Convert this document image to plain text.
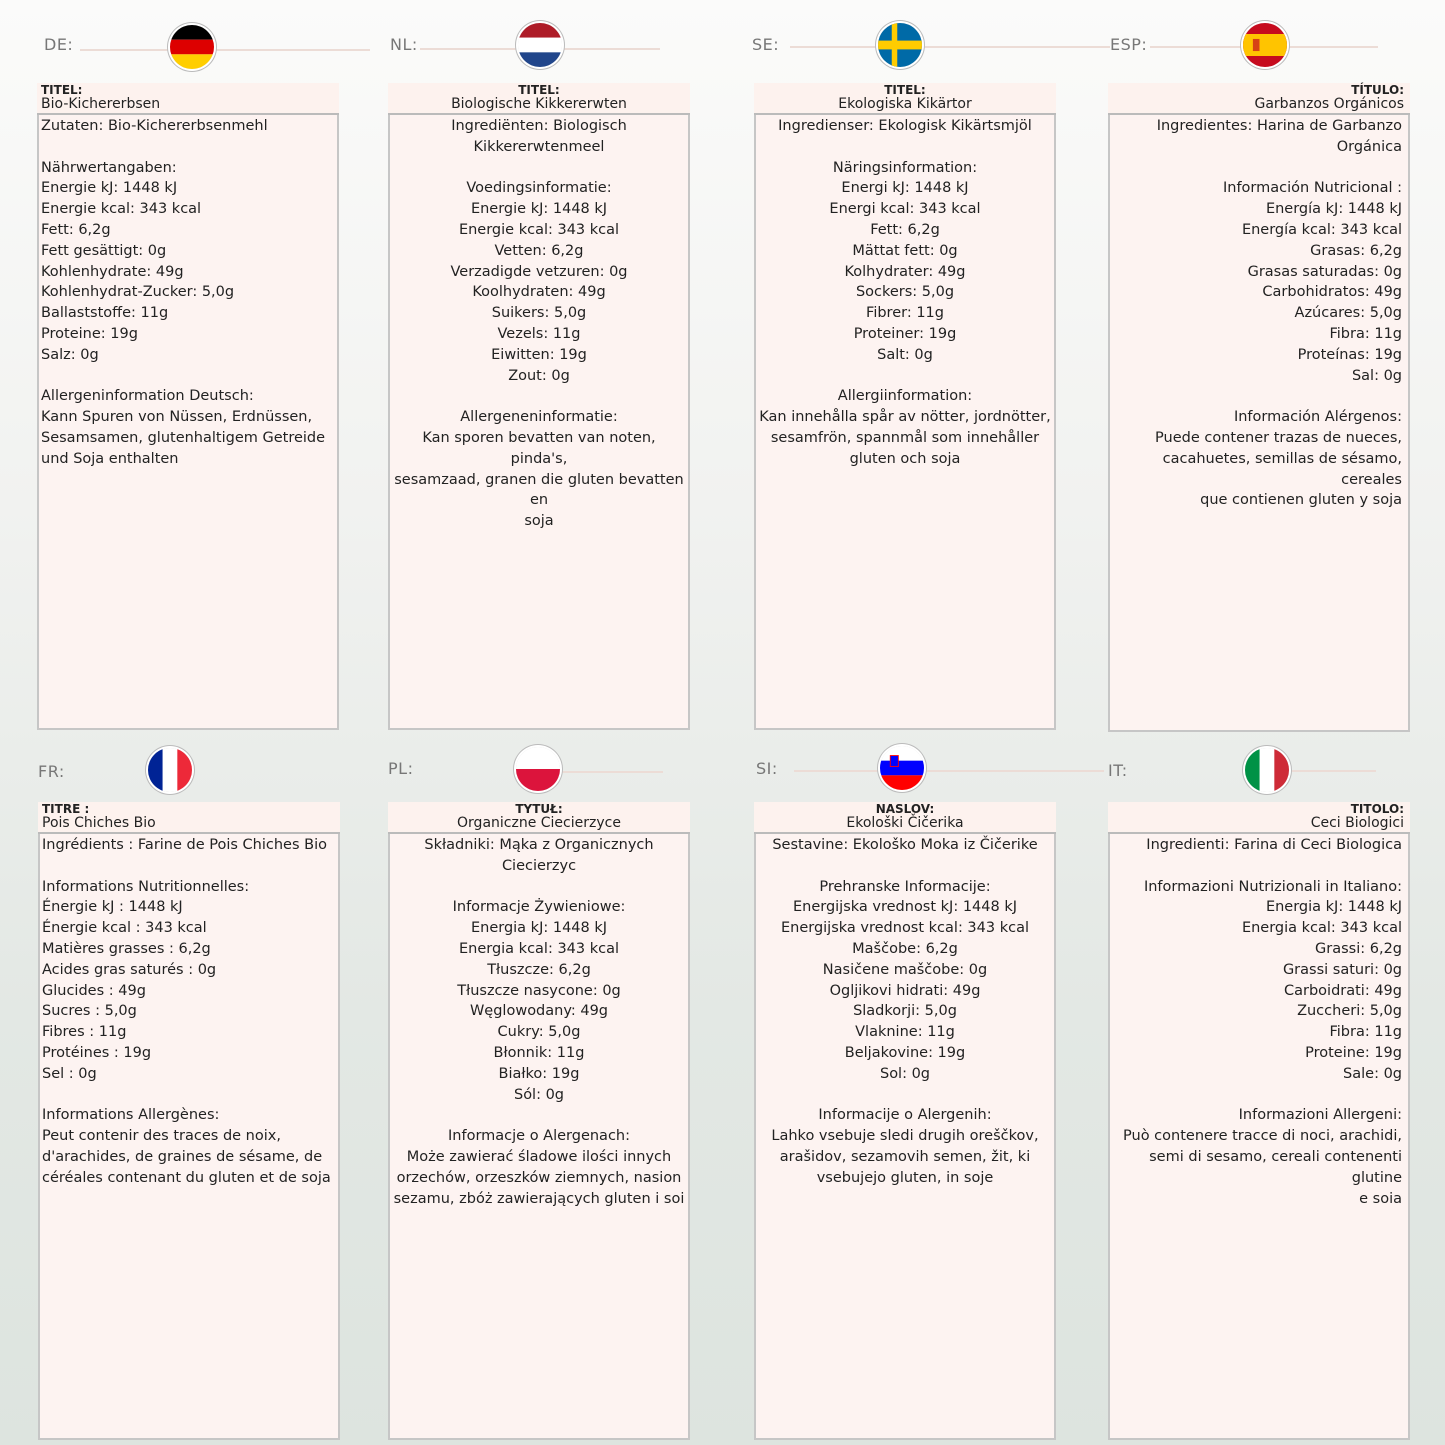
DE:	NL:	SE:	ESP:
FR:	PL:	SI:	IT:
TITEL:
Bio-Kichererbsen
Zutaten: Bio-Kichererbsenmehl
Nährwertangaben:
Energie kJ: 1448 kJ
Energie kcal: 343 kcal
Fett: 6,2g
Fett gesättigt: 0g
Kohlenhydrate: 49g
Kohlenhydrat-Zucker: 5,0g
Ballaststoffe: 11g
Proteine: 19g
Salz: 0g
Allergeninformation Deutsch:
Kann Spuren von Nüssen, Erdnüssen,
Sesamsamen, glutenhaltigem Getreide
und Soja enthalten
TITEL:
Biologische Kikkererwten
Ingrediënten: Biologisch
Kikkererwtenmeel
Voedingsinformatie:
Energie kJ: 1448 kJ
Energie kcal: 343 kcal
Vetten: 6,2g
Verzadigde vetzuren: 0g
Koolhydraten: 49g
Suikers: 5,0g
Vezels: 11g
Eiwitten: 19g
Zout: 0g
Allergeneninformatie:
Kan sporen bevatten van noten, pinda's,
sesamzaad, granen die gluten bevatten en
soja
TITEL:
Ekologiska Kikärtor
Ingredienser: Ekologisk Kikärtsmjöl
Näringsinformation:
Energi kJ: 1448 kJ
Energi kcal: 343 kcal
Fett: 6,2g
Mättat fett: 0g
Kolhydrater: 49g
Sockers: 5,0g
Fibrer: 11g
Proteiner: 19g
Salt: 0g
Allergiinformation:
Kan innehålla spår av nötter, jordnötter,
sesamfrön, spannmål som innehåller
gluten och soja
TÍTULO:
Garbanzos Orgánicos
Ingredientes: Harina de Garbanzo
Orgánica
Información Nutricional :
Energía kJ: 1448 kJ
Energía kcal: 343 kcal
Grasas: 6,2g
Grasas saturadas: 0g
Carbohidratos: 49g
Azúcares: 5,0g
Fibra: 11g
Proteínas: 19g
Sal: 0g
Información Alérgenos:
Puede contener trazas de nueces,
cacahuetes, semillas de sésamo, cereales
que contienen gluten y soja
TITRE :
Pois Chiches Bio
Ingrédients : Farine de Pois Chiches Bio
Informations Nutritionnelles:
Énergie kJ : 1448 kJ
Énergie kcal : 343 kcal
Matières grasses : 6,2g
Acides gras saturés : 0g
Glucides : 49g
Sucres : 5,0g
Fibres : 11g
Protéines : 19g
Sel : 0g
Informations Allergènes:
Peut contenir des traces de noix,
d'arachides, de graines de sésame, de
céréales contenant du gluten et de soja
TYTUŁ:
Organiczne Ciecierzyce
Składniki: Mąka z Organicznych Ciecierzyc
Informacje Żywieniowe:
Energia kJ: 1448 kJ
Energia kcal: 343 kcal
Tłuszcze: 6,2g
Tłuszcze nasycone: 0g
Węglowodany: 49g
Cukry: 5,0g
Błonnik: 11g
Białko: 19g
Sól: 0g
Informacje o Alergenach:
Może zawierać śladowe ilości innych
orzechów, orzeszków ziemnych, nasion
sezamu, zbóż zawierających gluten i soi
NASLOV:
Ekološki Čičerika
Sestavine: Ekološko Moka iz Čičerike
Prehranske Informacije:
Energijska vrednost kJ: 1448 kJ
Energijska vrednost kcal: 343 kcal
Maščobe: 6,2g
Nasičene maščobe: 0g
Ogljikovi hidrati: 49g
Sladkorji: 5,0g
Vlaknine: 11g
Beljakovine: 19g
Sol: 0g
Informacije o Alergenih:
Lahko vsebuje sledi drugih oreščkov,
arašidov, sezamovih semen, žit, ki
vsebujejo gluten, in soje
TITOLO:
Ceci Biologici
Ingredienti: Farina di Ceci Biologica
Informazioni Nutrizionali in Italiano:
Energia kJ: 1448 kJ
Energia kcal: 343 kcal
Grassi: 6,2g
Grassi saturi: 0g
Carboidrati: 49g
Zuccheri: 5,0g
Fibra: 11g
Proteine: 19g
Sale: 0g
Informazioni Allergeni:
Può contenere tracce di noci, arachidi,
semi di sesamo, cereali contenenti glutine
e soia
